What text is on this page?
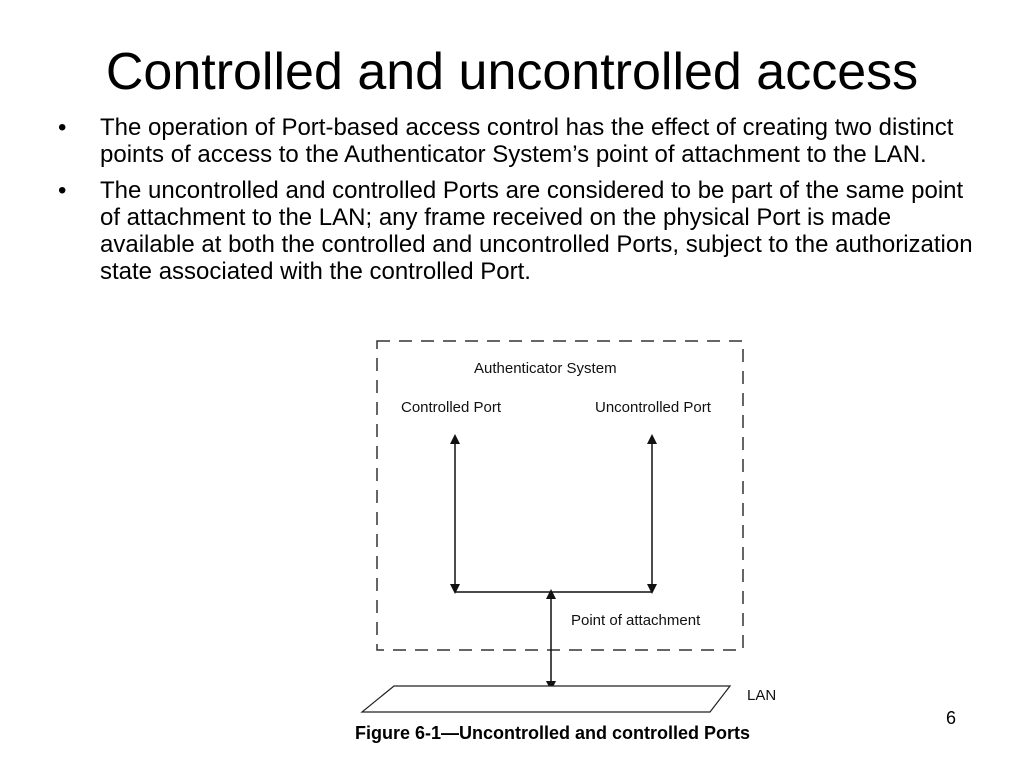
Controlled and uncontrolled access
• The operation of Port-based access control has the effect of creating two distinct points of access to the Authenticator System’s point of attachment to the LAN.
• The uncontrolled and controlled Ports are considered to be part of the same point of attachment to the LAN; any frame received on the physical Port is made available at both the controlled and uncontrolled Ports, subject to the authorization state associated with the controlled Port.
Authenticator System
Controlled Port	Uncontrolled Port
Point of attachment
LAN
Figure 6-1—Uncontrolled and controlled Ports
6
